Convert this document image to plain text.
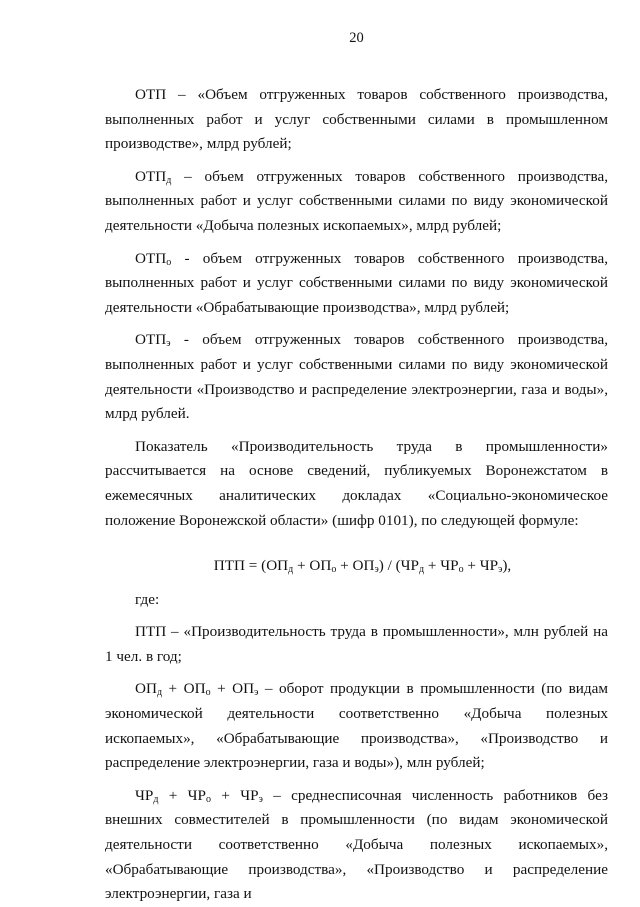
20

ОТП – «Объем отгруженных товаров собственного производства, выполненных работ и услуг собственными силами в промышленном производстве», млрд рублей;

$ОТП_д$ – объем отгруженных товаров собственного производства, выполненных работ и услуг собственными силами по виду экономической деятельности «Добыча полезных ископаемых», млрд рублей;

$ОТП_о$ - объем отгруженных товаров собственного производства, выполненных работ и услуг собственными силами по виду экономической деятельности «Обрабатывающие производства», млрд рублей;

$ОТП_э$ - объем отгруженных товаров собственного производства, выполненных работ и услуг собственными силами по виду экономической деятельности «Производство и распределение электроэнергии, газа и воды», млрд рублей.

Показатель «Производительность труда в промышленности» рассчитывается на основе сведений, публикуемых Воронежстатом в ежемесячных аналитических докладах «Социально-экономическое положение Воронежской области» (шифр 0101), по следующей формуле:

ПТП = $(ОП_д + ОП_о + ОП_э) / (ЧР_д + ЧР_о + ЧР_э)$,

где:

ПТП – «Производительность труда в промышленности», млн рублей на 1 чел. в год;

$ОП_д + ОП_о + ОП_э$ – оборот продукции в промышленности (по видам экономической деятельности соответственно «Добыча полезных ископаемых», «Обрабатывающие производства», «Производство и распределение электроэнергии, газа и воды»), млн рублей;

$ЧР_д + ЧР_о + ЧР_э$ – среднесписочная численность работников без внешних совместителей в промышленности (по видам экономической деятельности соответственно «Добыча полезных ископаемых», «Обрабатывающие производства», «Производство и распределение электроэнергии, газа и
